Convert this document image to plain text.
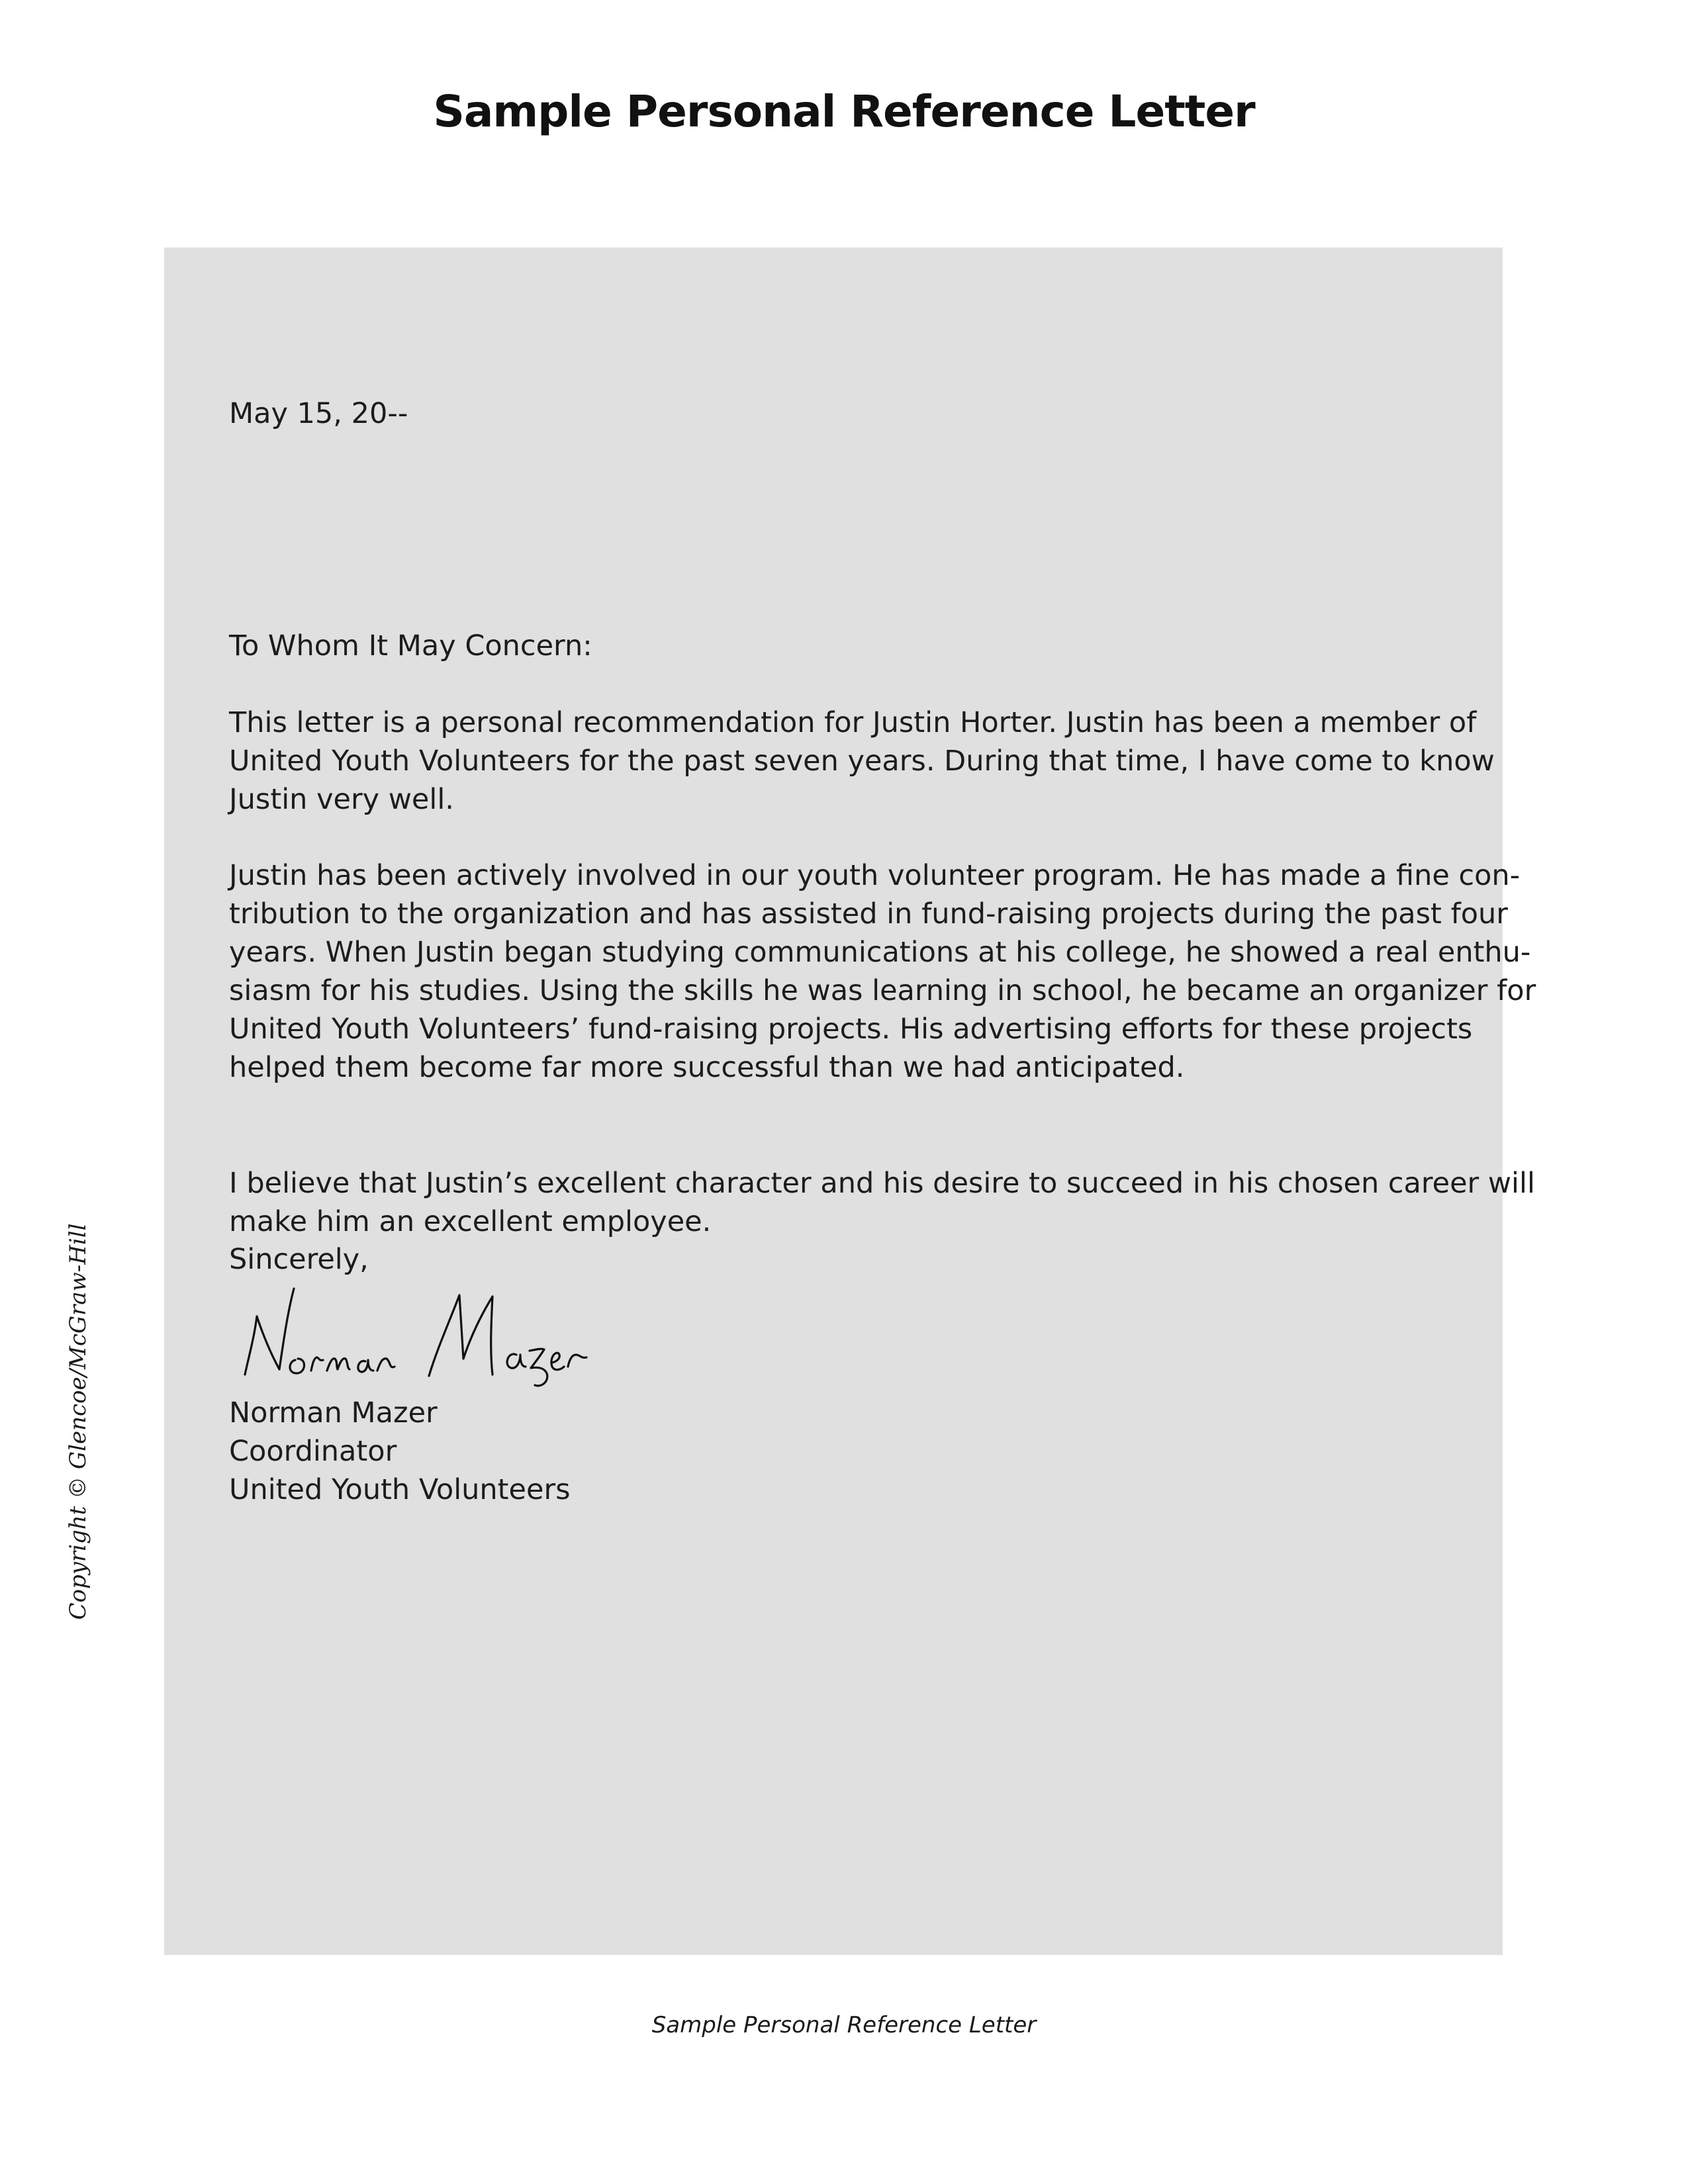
Sample Personal Reference Letter
Copyright © Glencoe/McGraw-Hill
May 15, 20--
To Whom It May Concern:

This letter is a personal recommendation for Justin Horter. Justin has been a member of
United Youth Volunteers for the past seven years. During that time, I have come to know
Justin very well.

Justin has been actively involved in our youth volunteer program. He has made a fine con-
tribution to the organization and has assisted in fund-raising projects during the past four
years. When Justin began studying communications at his college, he showed a real enthu-
siasm for his studies. Using the skills he was learning in school, he became an organizer for
United Youth Volunteers’ fund-raising projects. His advertising efforts for these projects
helped them become far more successful than we had anticipated.

I believe that Justin’s excellent character and his desire to succeed in his chosen career will
make him an excellent employee.

Sincerely,
Norman Mazer
Coordinator
United Youth Volunteers
Sample Personal Reference Letter
